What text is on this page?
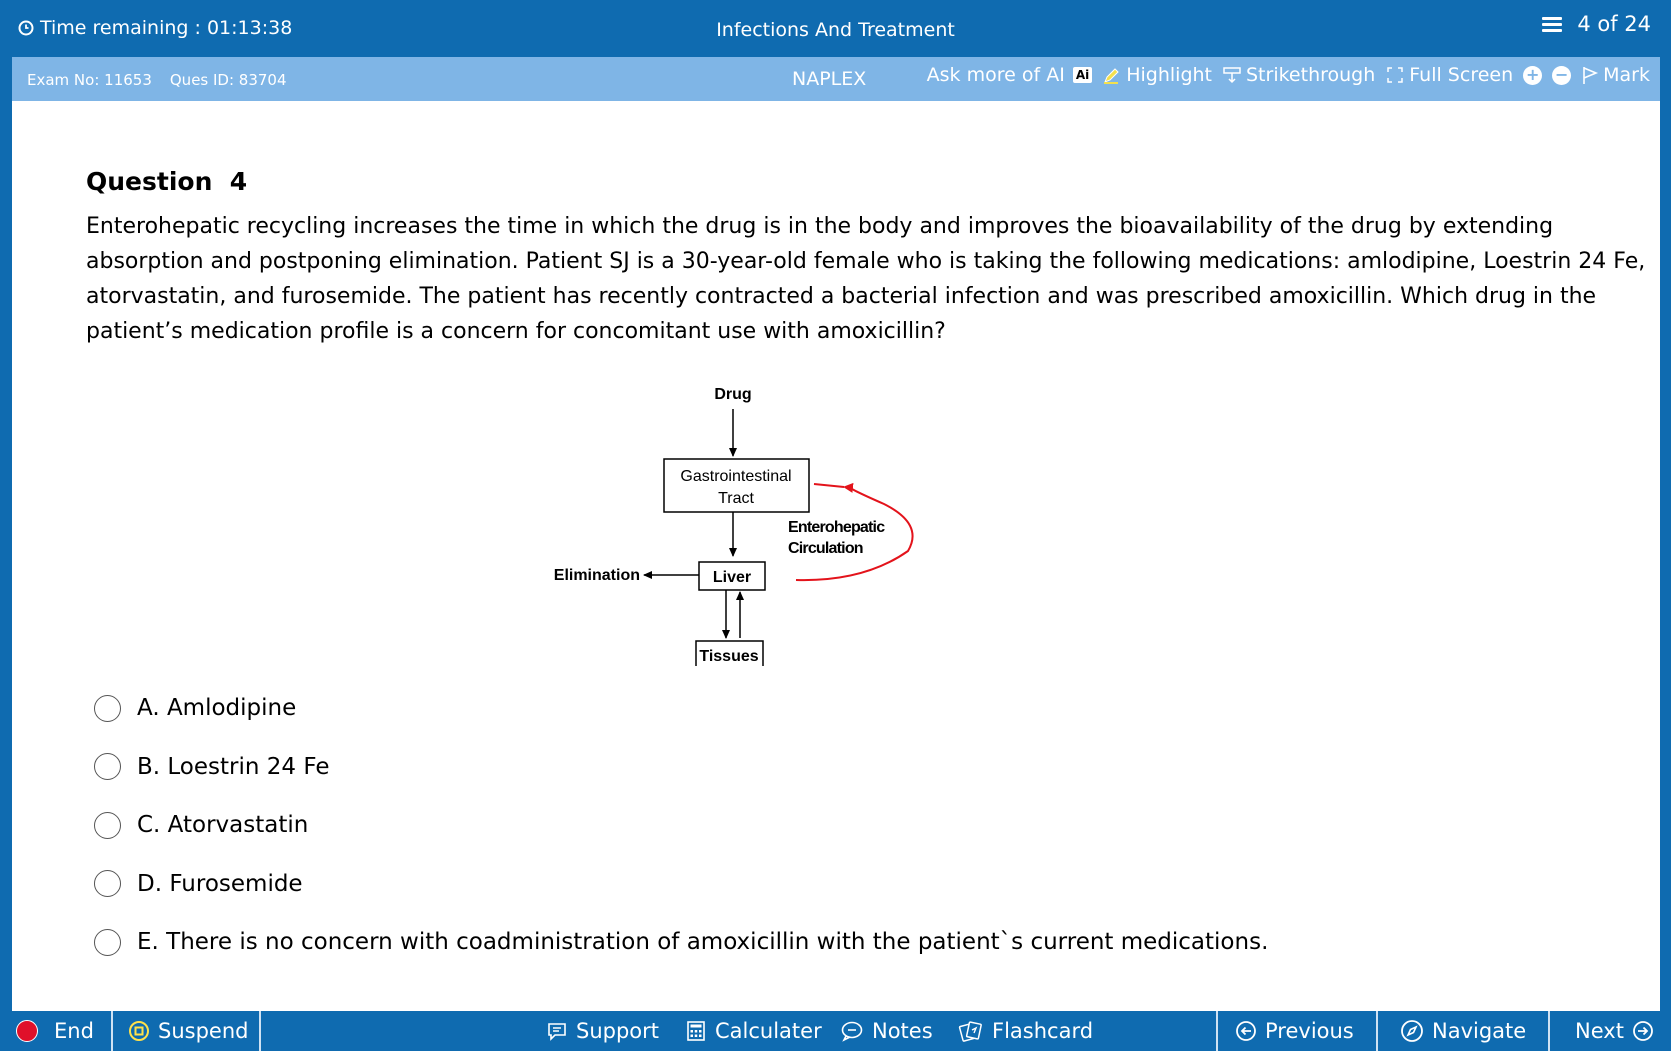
Time remaining : 01:13:38	Infections And Treatment	4 of 24
Exam No: 11653 Ques ID: 83704	NAPLEX	Ask more of AI Ai Highlight Strikethrough Full Screen + − Mark
Question  4
Enterohepatic recycling increases the time in which the drug is in the body and improves the bioavailability of the drug by extending absorption and postponing elimination. Patient SJ is a 30-year-old female who is taking the following medications: amlodipine, Loestrin 24 Fe, atorvastatin, and furosemide. The patient has recently contracted a bacterial infection and was prescribed amoxicillin. Which drug in the patient’s medication profile is a concern for concomitant use with amoxicillin?
Drug
Gastrointestinal
Tract
Enterohepatic
Circulation
Liver
Elimination
Tissues
A. Amlodipine
B. Loestrin 24 Fe
C. Atorvastatin
D. Furosemide
E. There is no concern with coadministration of amoxicillin with the patient`s current medications.
End	Suspend	Support	Calculater Notes	Flashcard	Previous	Navigate Next
